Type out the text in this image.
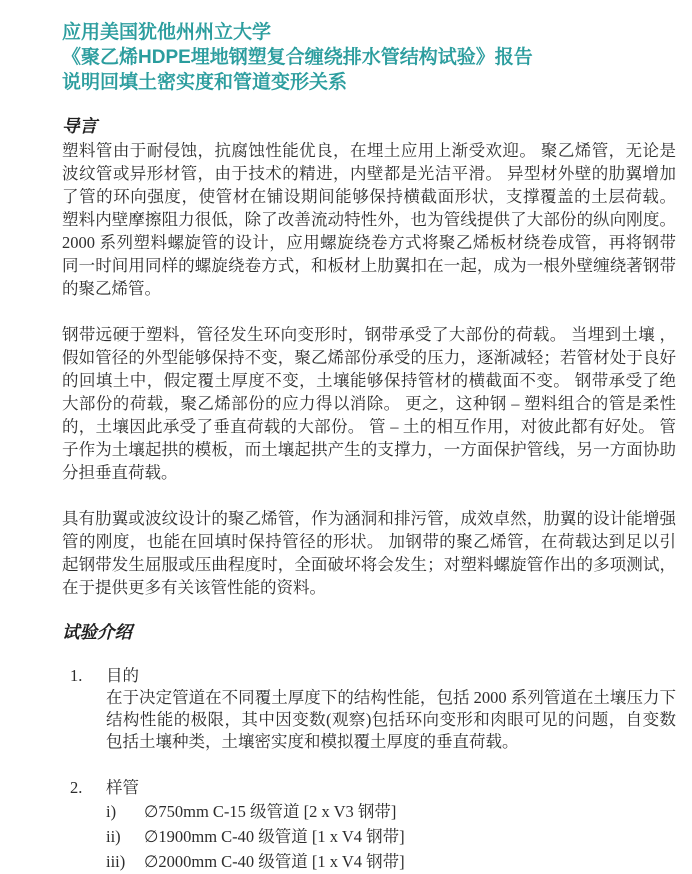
应用美国犹他州州立大学
《聚乙烯HDPE埋地钢塑复合缠绕排水管结构试验》报告
说明回填土密实度和管道变形关系
导言

塑料管由于耐侵蚀，抗腐蚀性能优良，在埋土应用上渐受欢迎。 聚乙烯管，无论是波纹管或异形材管，由于技术的精进，内壁都是光洁平滑。 异型材外壁的肋翼增加了管的环向强度，使管材在铺设期间能够保持横截面形状，支撑覆盖的土层荷载。 塑料内壁摩擦阻力很低，除了改善流动特性外，也为管线提供了大部份的纵向刚度。 2000 系列塑料螺旋管的设计，应用螺旋绕卷方式将聚乙烯板材绕卷成管，再将钢带同一时间用同样的螺旋绕卷方式，和板材上肋翼扣在一起，成为一根外壁缠绕著钢带的聚乙烯管。

钢带远硬于塑料，管径发生环向变形时，钢带承受了大部份的荷载。 当埋到土壤 ，假如管径的外型能够保持不变，聚乙烯部份承受的压力，逐渐减轻；若管材处于良好的回填土中，假定覆土厚度不变，土壤能够保持管材的横截面不变。 钢带承受了绝大部份的荷载，聚乙烯部份的应力得以消除。 更之，这种钢 – 塑料组合的管是柔性的，土壤因此承受了垂直荷载的大部份。 管 – 土的相互作用，对彼此都有好处。 管子作为土壤起拱的模板，而土壤起拱产生的支撑力，一方面保护管线，另一方面协助分担垂直荷载。

具有肋翼或波纹设计的聚乙烯管，作为涵洞和排污管，成效卓然，肋翼的设计能增强管的刚度，也能在回填时保持管径的形状。 加钢带的聚乙烯管，在荷载达到足以引起钢带发生屈服或压曲程度时，全面破坏将会发生；对塑料螺旋管作出的多项测试，在于提供更多有关该管性能的资料。

试验介绍
1. 目的

在于决定管道在不同覆土厚度下的结构性能，包括 2000 系列管道在土壤压力下结构性能的极限，其中因变数(观察)包括环向变形和肉眼可见的问题，自变数包括土壤种类，土壤密实度和模拟覆土厚度的垂直荷载。

2. 样管
i) ∅750mm C-15 级管道 [2 x V3 钢带]
ii) ∅1900mm C-40 级管道 [1 x V4 钢带]
iii) ∅2000mm C-40 级管道 [1 x V4 钢带]
